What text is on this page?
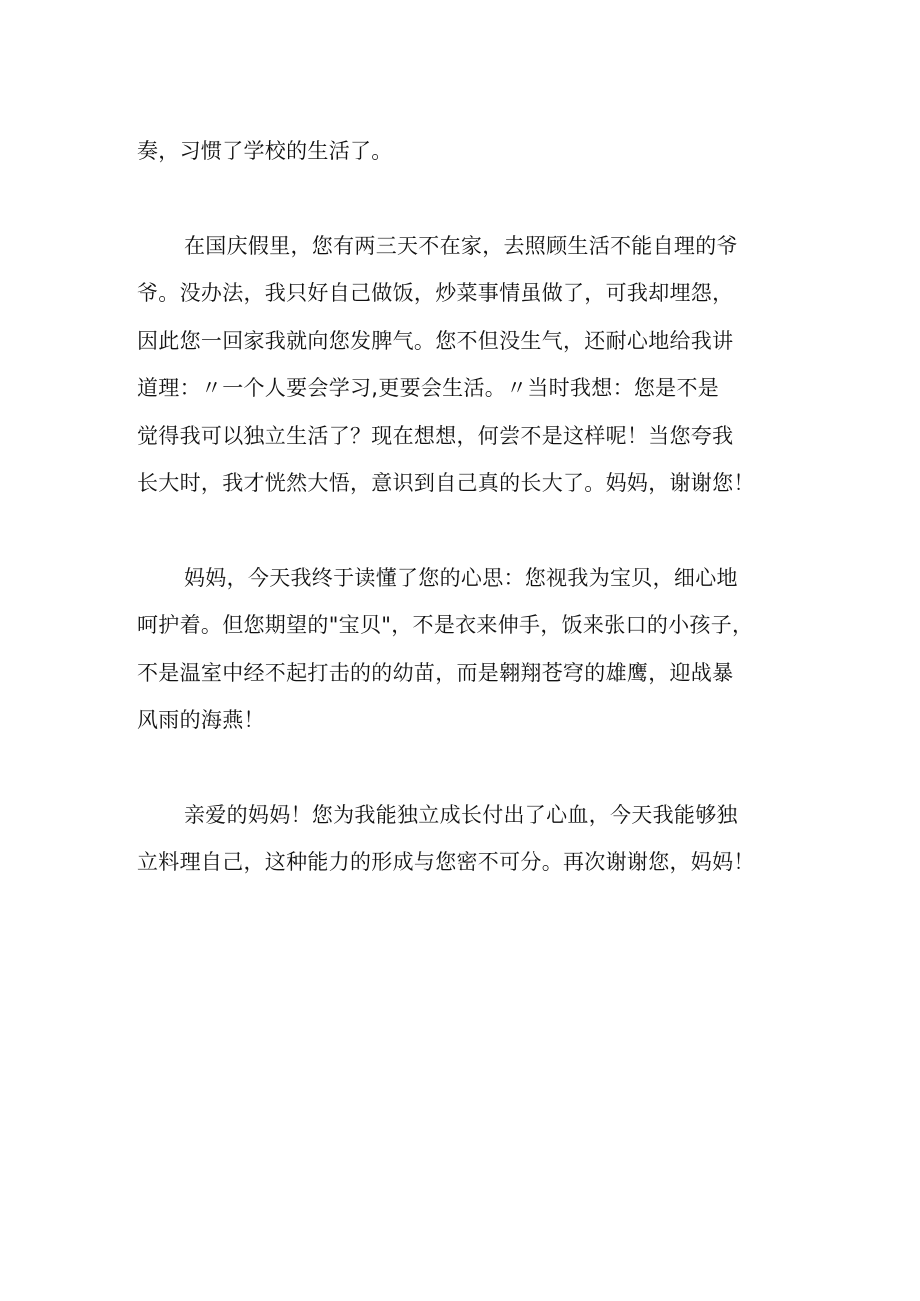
奏，习惯了学校的生活了。
在国庆假里，您有两三天不在家，去照顾生活不能自理的爷
爷。没办法，我只好自己做饭，炒菜事情虽做了，可我却埋怨，
因此您一回家我就向您发脾气。您不但没生气，还耐心地给我讲
道理：〃一个人要会学习,更要会生活。〃当时我想：您是不是
觉得我可以独立生活了？现在想想，何尝不是这样呢！当您夸我
长大时，我才恍然大悟，意识到自己真的长大了。妈妈，谢谢您！
妈妈，今天我终于读懂了您的心思：您视我为宝贝，细心地
呵护着。但您期望的"宝贝"，不是衣来伸手，饭来张口的小孩子，
不是温室中经不起打击的的幼苗，而是翱翔苍穹的雄鹰，迎战暴
风雨的海燕！
亲爱的妈妈！您为我能独立成长付出了心血，今天我能够独
立料理自己，这种能力的形成与您密不可分。再次谢谢您，妈妈！
